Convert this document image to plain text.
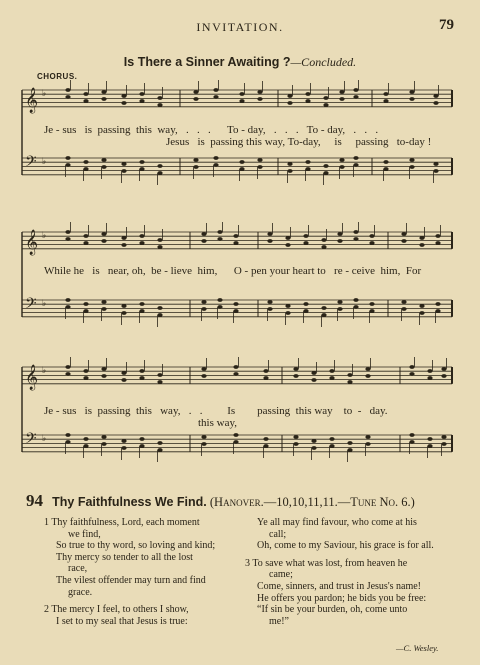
INVITATION.	79
Is There a Sinner Awaiting ?—Concluded.
CHORUS.
𝄞 ♭
𝄢 ♭
Je - sus   is  passing  this  way,   .   .   .      To - day,   .   .   .   To - day,   .   .   .
Jesus   is  passing this way, To-day,     is     passing   to-day !
𝄞 ♭
𝄢 ♭
While he   is   near, oh,  be - lieve  him,      O - pen your heart to   re - ceive  him,  For
𝄞 ♭
𝄢 ♭
Je - sus   is  passing  this   way,   .   .         Is        passing  this way    to  -   day.
this way,
94 Thy Faithfulness We Find. (Hanover.—10,10,11,11.—Tune No. 6.)
1 Thy faithfulness, Lord, each moment
we find,
So true to thy word, so loving and kind;
Thy mercy so tender to all the lost
race,
The vilest offender may turn and find
grace.
2 The mercy I feel, to others I show,
I set to my seal that Jesus is true:
Ye all may find favour, who come at his
call;
Oh, come to my Saviour, his grace is for all.
3 To save what was lost, from heaven he
came;
Come, sinners, and trust in Jesus's name!
He offers you pardon; he bids you be free:
“If sin be your burden, oh, come unto
me!”
—C. Wesley.
